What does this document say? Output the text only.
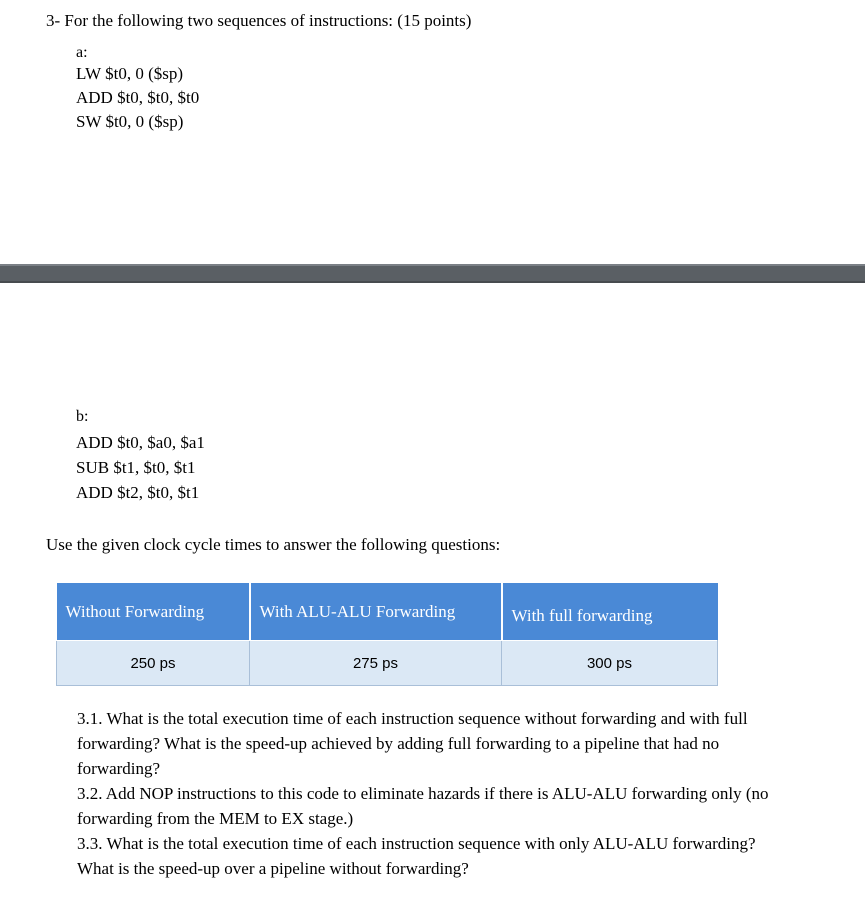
3- For the following two sequences of instructions: (15 points)
a:
LW $t0, 0 ($sp)
ADD $t0, $t0, $t0
SW $t0, 0 ($sp)
b:
ADD $t0, $a0, $a1
SUB $t1, $t0, $t1
ADD $t2, $t0, $t1
Use the given clock cycle times to answer the following questions:
Without Forwarding	With ALU-ALU Forwarding	With full forwarding
250 ps	275 ps	300 ps

3.1. What is the total execution time of each instruction sequence without forwarding and with full forwarding? What is the speed-up achieved by adding full forwarding to a pipeline that had no forwarding?

3.2. Add NOP instructions to this code to eliminate hazards if there is ALU-ALU forwarding only (no forwarding from the MEM to EX stage.)

3.3. What is the total execution time of each instruction sequence with only ALU-ALU forwarding? What is the speed-up over a pipeline without forwarding?
